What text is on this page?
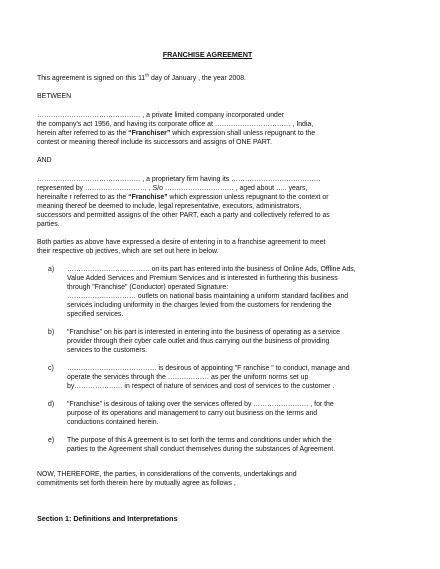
FRANCHISE AGREEMENT

This agreement is signed on this 11th day of January , the year 2008.

BETWEEN

……………………………………… , a private limited company incorporated under

the company's act 1956, and having its corporate office at …………………………… , India,

herein after referred to as the “Franchiser” which expression shall unless repugnant to the

contest or meaning thereof include its successors and assigns of ONE PART.

AND

……………………………………… , a proprietary firm having its …………………………………

represented by ……………………… , S/o ………………………… , aged about ….. years,

hereinafte r referred to as the “Franchise” which expression unless repugnant to the context or

meaning thereof be deemed to include, legal representative, executors, administrators,

successors and permitted assigns of the other PART, each a party and collectively referred to as

parties.

Both parties as above have expressed a desire of entering in to a franchise agreement to meet

their respective ob jectives, which are set out here in below.

a)	……………………………… on its part has entered into the business of Online Ads, Offline Ads,

Value Added Services and Premium Services and is interested in furthering this business

through "Franchise" (Conductor) operated Signature:

………………………… outlets on national basis maintaining a uniform standard facilities and

services including uniformity in the charges levied from the customers for rendering the

specified services.

b)	"Franchise" on his part is interested in entering into the business of operating as a service

provider through their cyber cafe outlet and thus carrying out the business of providing

services to the customers.

c)	………………………………… is desirous of appointing "F ranchise " to conduct, manage and

operate the services through the ……………… as per the uniform norms set up

by………………… in respect of nature of services and cost of services to the customer .

d)	"Franchise" is desirous of taking over the services offered by …………………… , for the

purpose of its operations and management to carry out business on the terms and

conductions contained herein.

e)	The purpose of this A greement is to set forth the terms and conditions under which the

parties to the Agreement shall conduct themselves during the substances of Agreement.

NOW, THEREFORE, the parties, in considerations of the convents, undertakings and

commitments set forth therein here by mutually agree as follows ,

Section 1: Definitions and Interpretations
